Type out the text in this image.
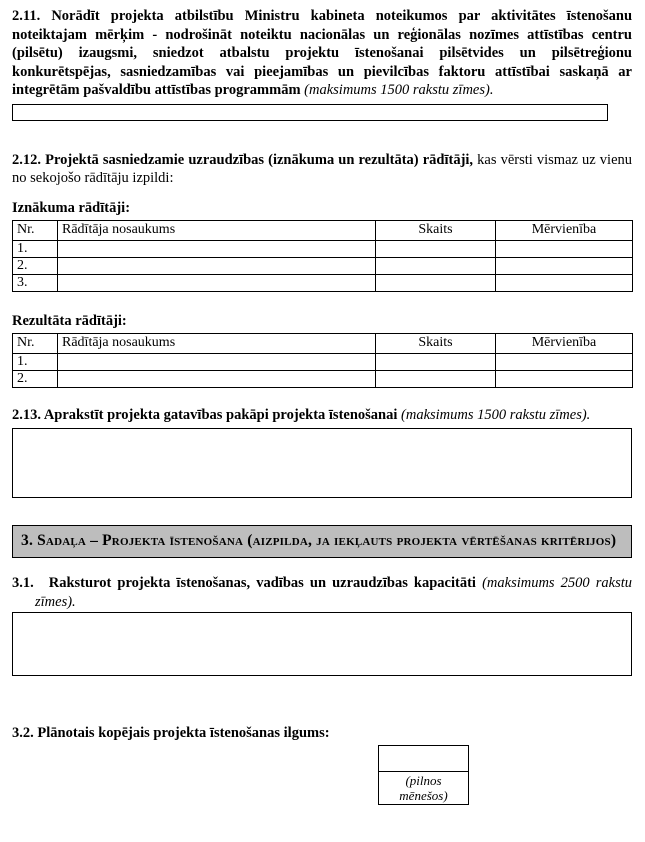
2.11. Norādīt projekta atbilstību Ministru kabineta noteikumos par aktivitātes īstenošanu noteiktajam mērķim - nodrošināt noteiktu nacionālas un reģionālas nozīmes attīstības centru (pilsētu) izaugsmi, sniedzot atbalstu projektu īstenošanai pilsētvides un pilsētreģionu konkurētspējas, sasniedzamības vai pieejamības un pievilcības faktoru attīstībai saskaņā ar integrētām pašvaldību attīstības programmām (maksimums 1500 rakstu zīmes).

2.12. Projektā sasniedzamie uzraudzības (iznākuma un rezultāta) rādītāji, kas vērsti vismaz uz vienu no sekojošo rādītāju izpildi:

Iznākuma rādītāji:

Nr.	Rādītāja nosaukums	Skaits	Mērvienība
1.			
2.			
3.			

Rezultāta rādītāji:

Nr.	Rādītāja nosaukums	Skaits	Mērvienība
1.			
2.			

2.13. Aprakstīt projekta gatavības pakāpi projekta īstenošanai (maksimums 1500 rakstu zīmes).

3. Sadaļa – Projekta īstenošana (aizpilda, ja iekļauts projekta vērtēšanas kritērijos)

3.1. Raksturot projekta īstenošanas, vadības un uzraudzības kapacitāti (maksimums 2500 rakstu zīmes).

3.2. Plānotais kopējais projekta īstenošanas ilgums:

(pilnos mēnešos)
